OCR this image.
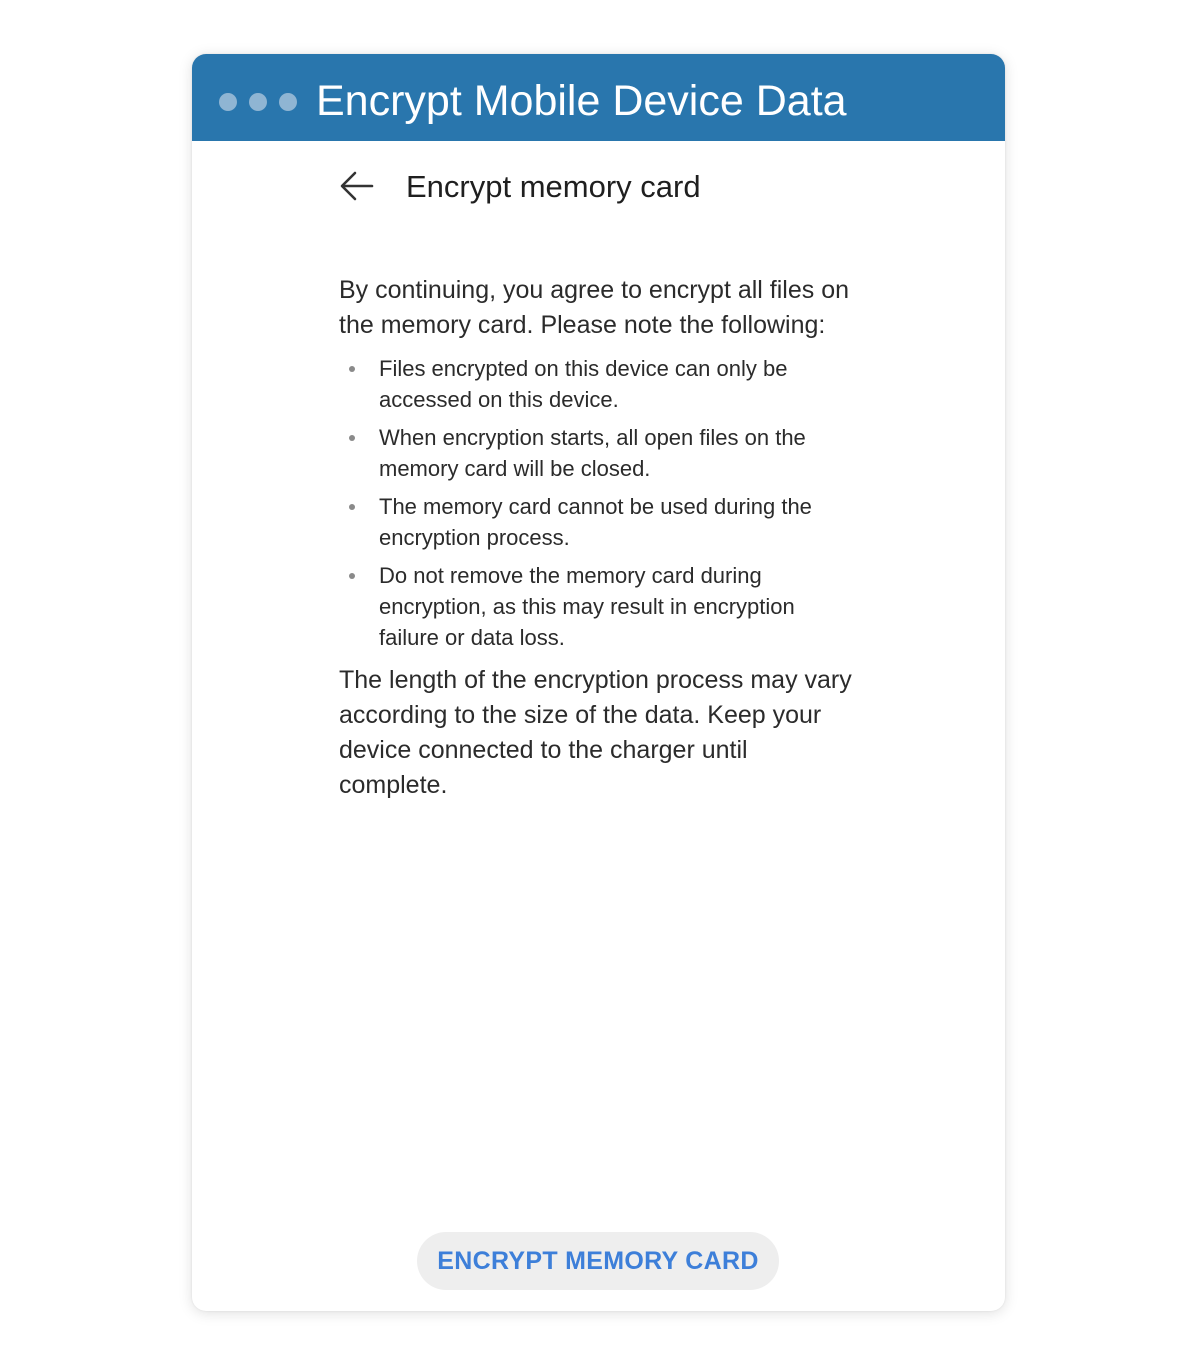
Encrypt Mobile Device Data
Encrypt memory card

By continuing, you agree to encrypt all files on the memory card. Please note the following:

Files encrypted on this device can only be accessed on this device.
When encryption starts, all open files on the memory card will be closed.
The memory card cannot be used during the encryption process.
Do not remove the memory card during encryption, as this may result in encryption failure or data loss.

The length of the encryption process may vary according to the size of the data. Keep your device connected to the charger until complete.

ENCRYPT MEMORY CARD
